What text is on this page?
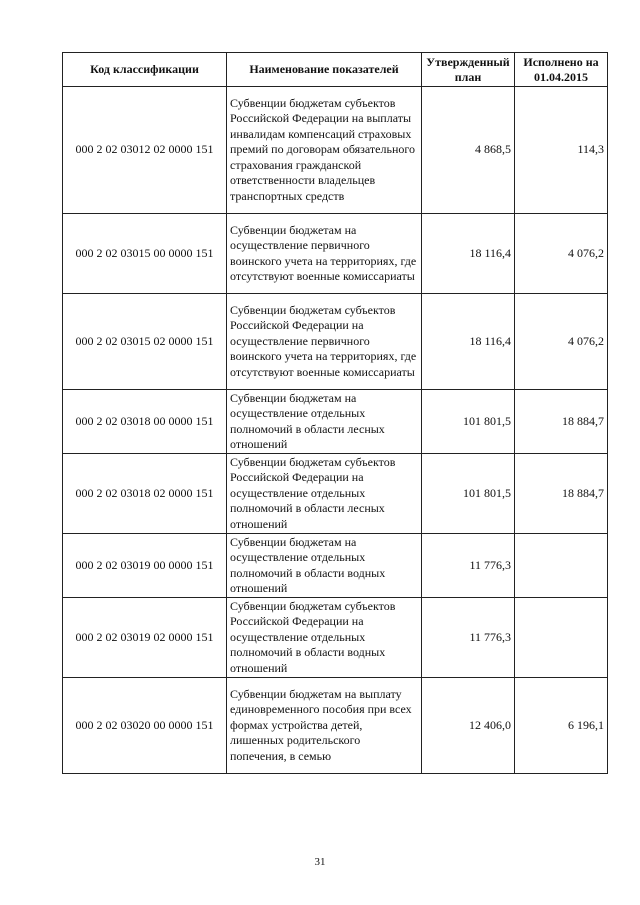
Код классификации	Наименование показателей	Утвержденный план	Исполнено на 01.04.2015
000 2 02 03012 02 0000 151	Субвенции бюджетам субъектов Российской Федерации на выплаты инвалидам компенсаций страховых премий по договорам обязательного страхования гражданской ответственности владельцев транспортных средств	4 868,5	114,3
000 2 02 03015 00 0000 151	Субвенции бюджетам на осуществление первичного воинского учета на территориях, где отсутствуют военные комиссариаты	18 116,4	4 076,2
000 2 02 03015 02 0000 151	Субвенции бюджетам субъектов Российской Федерации на осуществление первичного воинского учета на территориях, где отсутствуют военные комиссариаты	18 116,4	4 076,2
000 2 02 03018 00 0000 151	Субвенции бюджетам на осуществление отдельных полномочий в области лесных отношений	101 801,5	18 884,7
000 2 02 03018 02 0000 151	Субвенции бюджетам субъектов Российской Федерации на осуществление отдельных полномочий в области лесных отношений	101 801,5	18 884,7
000 2 02 03019 00 0000 151	Субвенции бюджетам на осуществление отдельных полномочий в области водных отношений	11 776,3	
000 2 02 03019 02 0000 151	Субвенции бюджетам субъектов Российской Федерации на осуществление отдельных полномочий в области водных отношений	11 776,3	
000 2 02 03020 00 0000 151	Субвенции бюджетам на выплату единовременного пособия при всех формах устройства детей, лишенных родительского попечения, в семью	12 406,0	6 196,1
31
